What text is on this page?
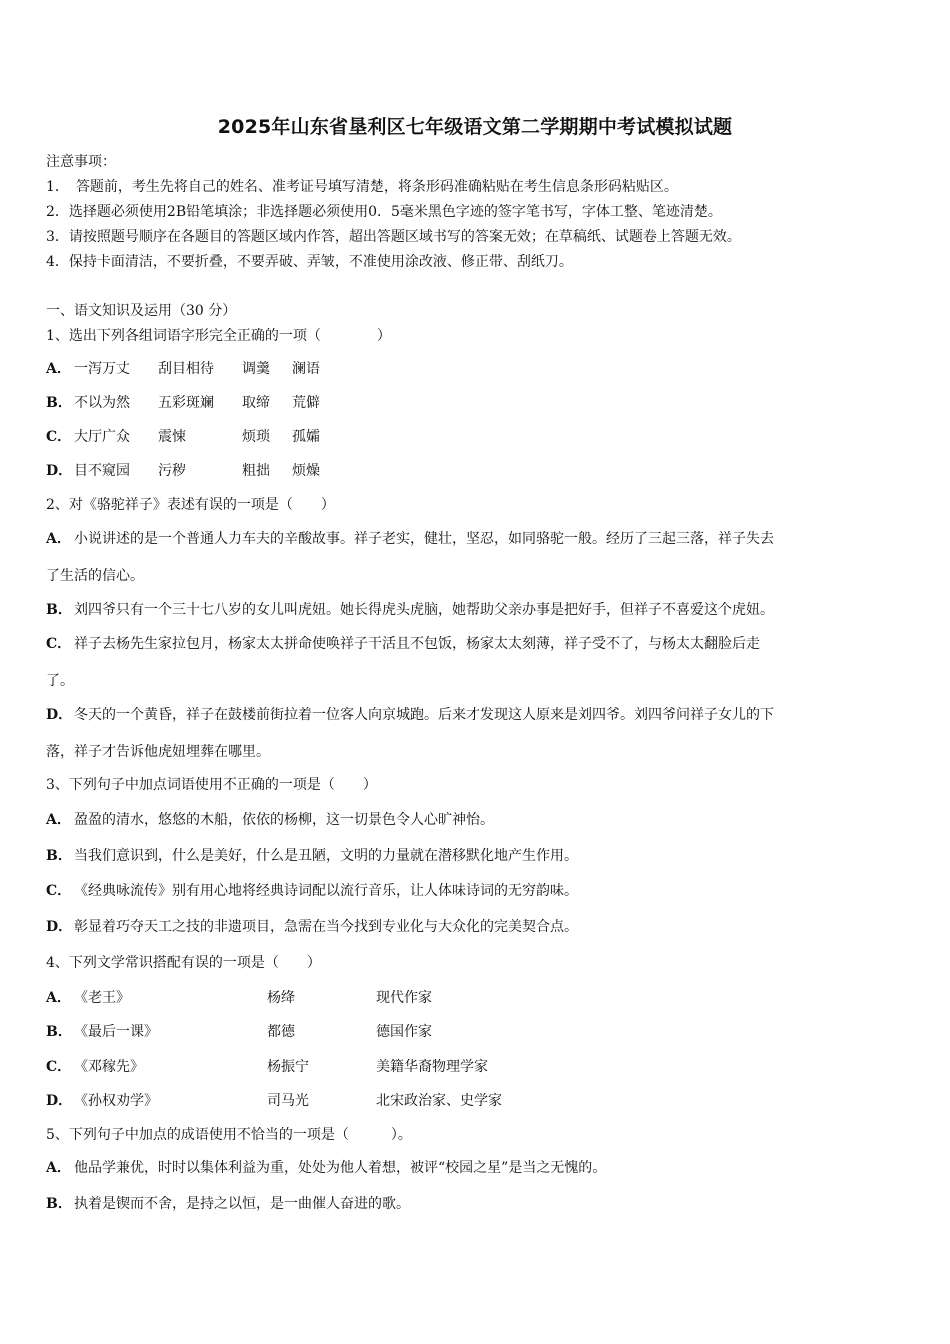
2025年山东省垦利区七年级语文第二学期期中考试模拟试题
注意事项：
1．　答题前，考生先将自己的姓名、准考证号填写清楚，将条形码准确粘贴在考生信息条形码粘贴区。
2．选择题必须使用2B铅笔填涂；非选择题必须使用0．5毫米黑色字迹的签字笔书写，字体工整、笔迹清楚。
3．请按照题号顺序在各题目的答题区域内作答，超出答题区域书写的答案无效；在草稿纸、试题卷上答题无效。
4．保持卡面清洁，不要折叠，不要弄破、弄皱，不准使用涂改液、修正带、刮纸刀。
一、语文知识及运用（30 分）
1、选出下列各组词语字形完全正确的一项（　　　　）
A． 一泻万丈 刮目相待 调羹 澜语
B． 不以为然 五彩斑斓 取缔 荒僻
C． 大厅广众 震悚	烦琐 孤孀
D． 目不窥园 污秽	粗拙 烦燥
2、对《骆驼祥子》表述有误的一项是（　　）
A． 小说讲述的是一个普通人力车夫的辛酸故事。祥子老实，健壮，坚忍，如同骆驼一般。经历了三起三落，祥子失去
了生活的信心。
B． 刘四爷只有一个三十七八岁的女儿叫虎妞。她长得虎头虎脑，她帮助父亲办事是把好手，但祥子不喜爱这个虎妞。
C． 祥子去杨先生家拉包月，杨家太太拼命使唤祥子干活且不包饭，杨家太太刻薄，祥子受不了，与杨太太翻脸后走
了。
D． 冬天的一个黄昏，祥子在鼓楼前街拉着一位客人向京城跑。后来才发现这人原来是刘四爷。刘四爷问祥子女儿的下
落，祥子才告诉他虎妞埋葬在哪里。
3、下列句子中加点词语使用不正确的一项是（　　）
A． 盈盈的清水，悠悠的木船，依依的杨柳，这一切景色令人心旷神怡。
B． 当我们意识到，什么是美好，什么是丑陋，文明的力量就在潜移默化地产生作用。
C． 《经典咏流传》别有用心地将经典诗词配以流行音乐，让人体味诗词的无穷韵味。
D． 彰显着巧夺天工之技的非遗项目，急需在当今找到专业化与大众化的完美契合点。
4、下列文学常识搭配有误的一项是（　　）
A． 《老王》	杨绛	现代作家
B． 《最后一课》	都德	德国作家
C． 《邓稼先》	杨振宁	美籍华裔物理学家
D． 《孙权劝学》	司马光	北宋政治家、史学家
5、下列句子中加点的成语使用不恰当的一项是（　　　）。
A． 他品学兼优，时时以集体利益为重，处处为他人着想，被评“校园之星”是当之无愧的。
B． 执着是锲而不舍，是持之以恒，是一曲催人奋进的歌。
